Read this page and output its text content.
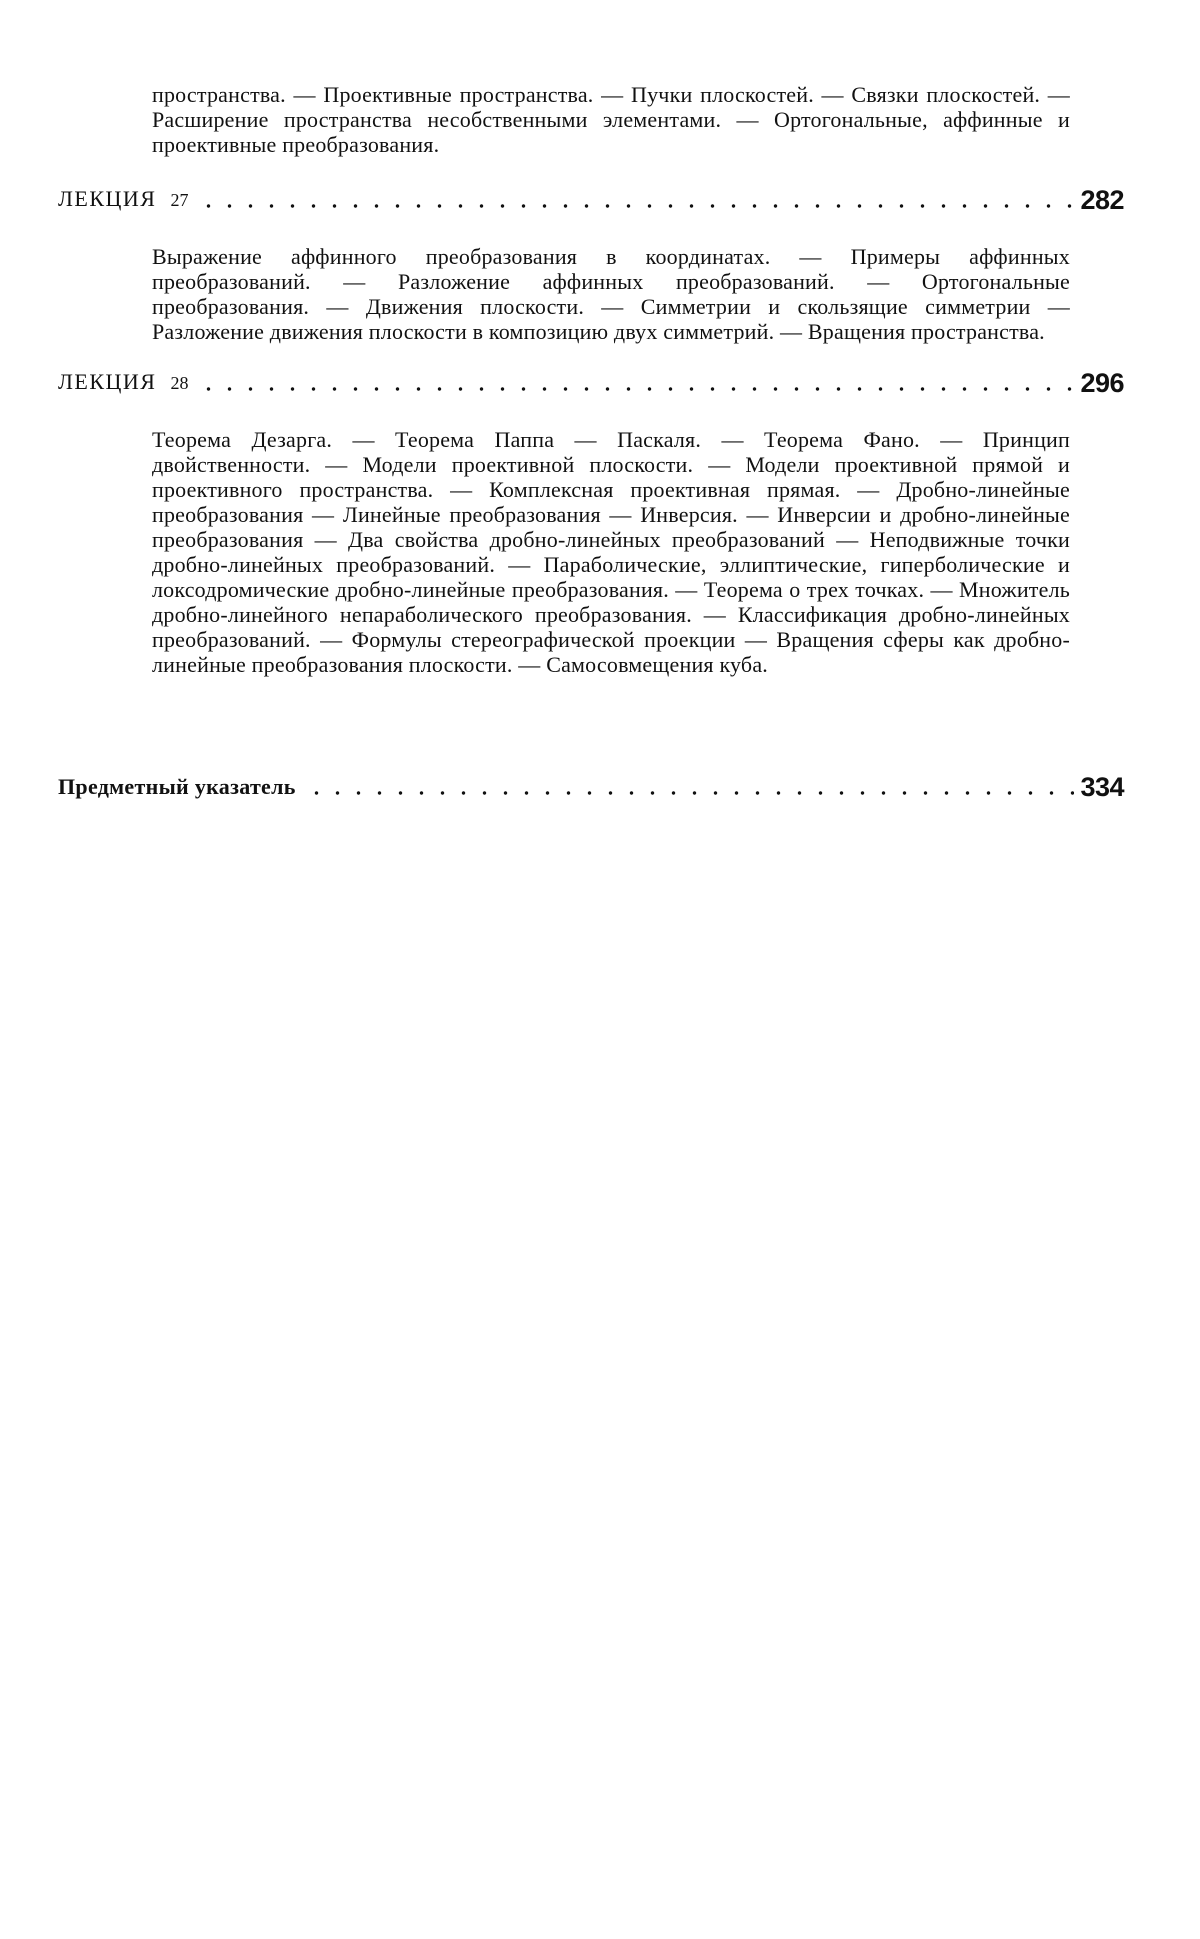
пространства. — Проективные пространства. — Пучки плоскостей. — Связки плоскостей. — Расширение пространства несобственными элементами. — Ортогональные, аффинные и проективные преобразования.

ЛЕКЦИЯ 27	282

Выражение аффинного преобразования в координатах. — Примеры аффинных преобразований. — Разложение аффинных преобразований. — Ортогональные преобразования. — Движения плоскости. — Симметрии и скользящие симметрии — Разложение движения плоскости в композицию двух симметрий. — Вращения пространства.

ЛЕКЦИЯ 28	296

Теорема Дезарга. — Теорема Паппа — Паскаля. — Теорема Фано. — Принцип двойственности. — Модели проективной плоскости. — Модели проективной прямой и проективного пространства. — Комплексная проективная прямая. — Дробно-линейные преобразования — Линейные преобразования — Инверсия. — Инверсии и дробно-линейные преобразования — Два свойства дробно-линейных преобразований — Неподвижные точки дробно-линейных преобразований. — Параболические, эллиптические, гиперболические и локсодромические дробно-линейные преобразования. — Теорема о трех точках. — Множитель дробно-линейного непараболического преобразования. — Классификация дробно-линейных преобразований. — Формулы стереографической проекции — Вращения сферы как дробно-линейные преобразования плоскости. — Самосовмещения куба.

Предметный указатель	334
